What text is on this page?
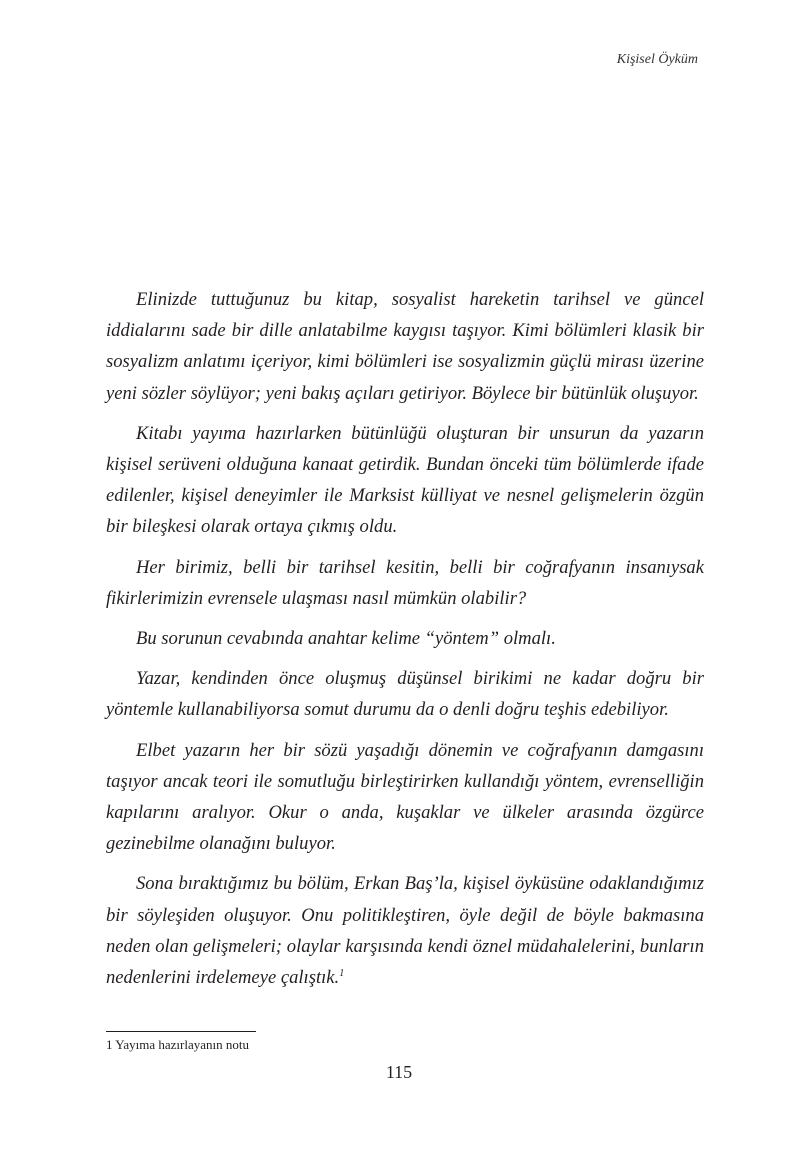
Kişisel Öyküm

Elinizde tuttuğunuz bu kitap, sosyalist hareketin tarihsel ve güncel iddialarını sade bir dille anlatabilme kaygısı taşıyor. Kimi bölümleri klasik bir sosyalizm anlatımı içeriyor, kimi bölümleri ise sosyalizmin güçlü mirası üzerine yeni sözler söylüyor; yeni bakış açıları getiriyor. Böylece bir bütünlük oluşuyor.

Kitabı yayıma hazırlarken bütünlüğü oluşturan bir unsurun da yazarın kişisel serüveni olduğuna kanaat getirdik. Bundan önceki tüm bölümlerde ifade edilenler, kişisel deneyimler ile Marksist külliyat ve nesnel gelişmelerin özgün bir bileşkesi olarak ortaya çıkmış oldu.

Her birimiz, belli bir tarihsel kesitin, belli bir coğrafyanın insanıysak fikirlerimizin evrensele ulaşması nasıl mümkün olabilir?

Bu sorunun cevabında anahtar kelime “yöntem” olmalı.

Yazar, kendinden önce oluşmuş düşünsel birikimi ne kadar doğru bir yöntemle kullanabiliyorsa somut durumu da o denli doğru teşhis edebiliyor.

Elbet yazarın her bir sözü yaşadığı dönemin ve coğrafyanın damgasını taşıyor ancak teori ile somutluğu birleştirirken kullandığı yöntem, evrenselliğin kapılarını aralıyor. Okur o anda, kuşaklar ve ülkeler arasında özgürce gezinebilme olanağını buluyor.

Sona bıraktığımız bu bölüm, Erkan Baş’la, kişisel öyküsüne odaklandığımız bir söyleşiden oluşuyor. Onu politikleştiren, öyle değil de böyle bakmasına neden olan gelişmeleri; olaylar karşısında kendi öznel müdahalelerini, bunların nedenlerini irdelemeye çalıştık.$^1$

1 Yayıma hazırlayanın notu
115
